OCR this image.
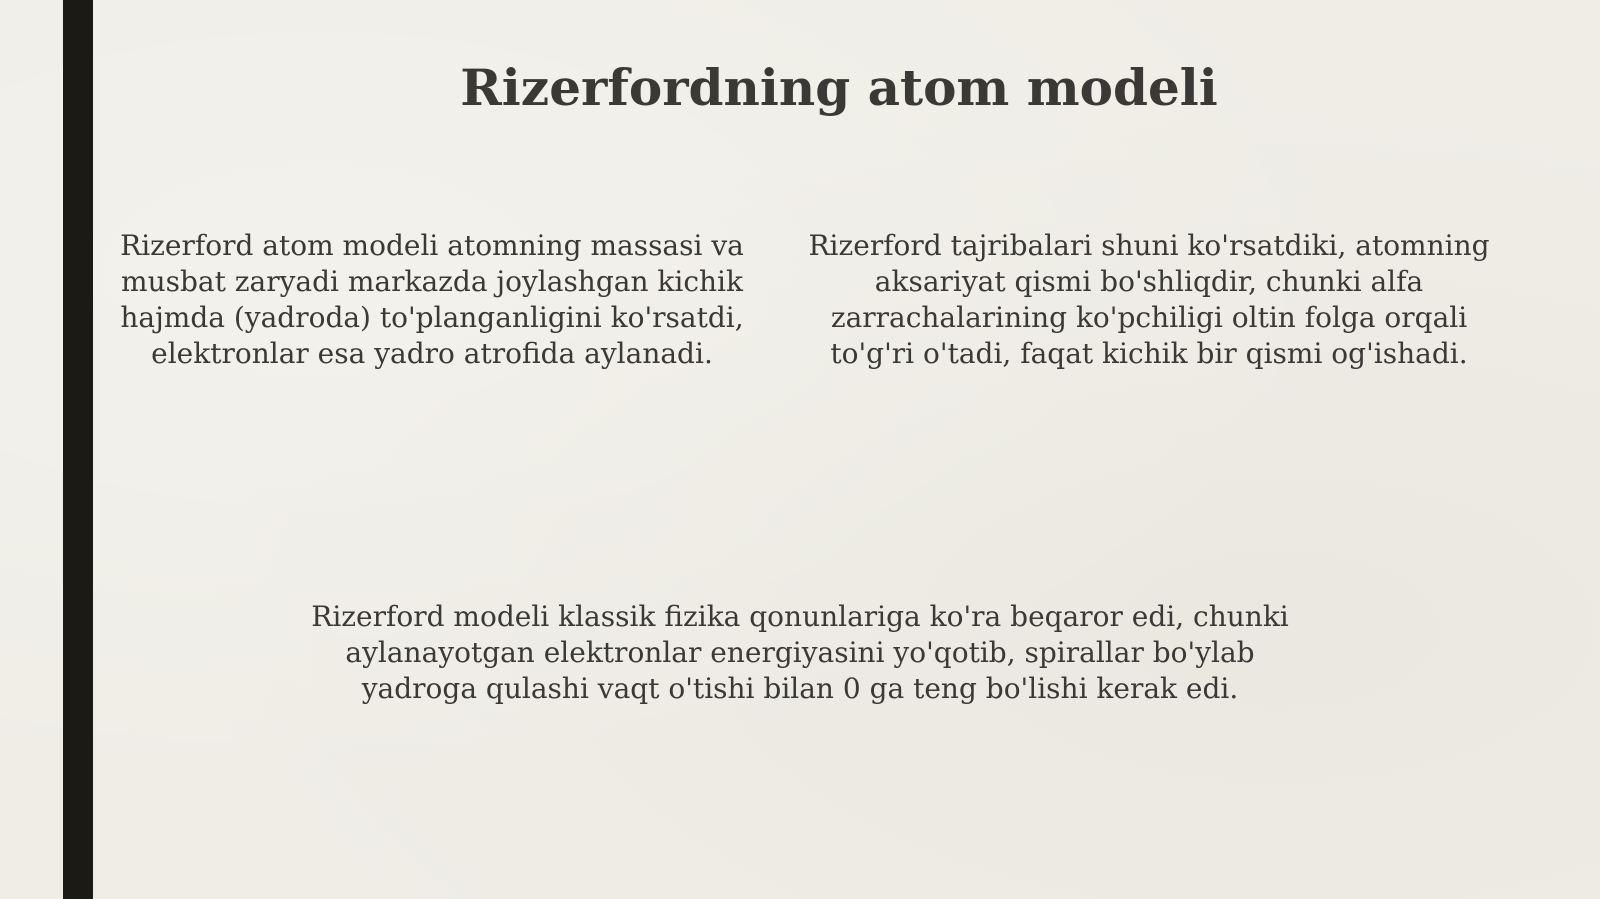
Rizerfordning atom modeli
Rizerford atom modeli atomning massasi va
musbat zaryadi markazda joylashgan kichik
hajmda (yadroda) to'planganligini ko'rsatdi,
elektronlar esa yadro atrofida aylanadi.
Rizerford tajribalari shuni ko'rsatdiki, atomning
aksariyat qismi bo'shliqdir, chunki alfa
zarrachalarining ko'pchiligi oltin folga orqali
to'g'ri o'tadi, faqat kichik bir qismi og'ishadi.
Rizerford modeli klassik fizika qonunlariga ko'ra beqaror edi, chunki
aylanayotgan elektronlar energiyasini yo'qotib, spirallar bo'ylab
yadroga qulashi vaqt o'tishi bilan 0 ga teng bo'lishi kerak edi.
